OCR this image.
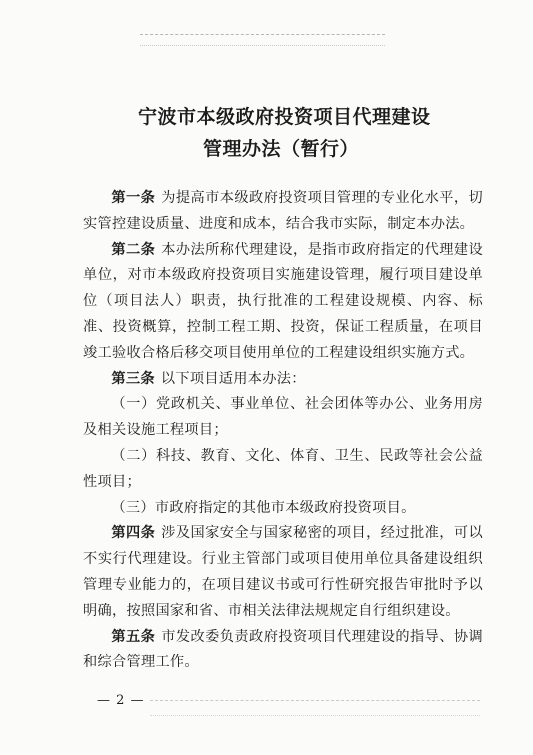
宁波市本级政府投资项目代理建设
管理办法（暂行）

第一条 为提高市本级政府投资项目管理的专业化水平，切实管控建设质量、进度和成本，结合我市实际，制定本办法。

第二条 本办法所称代理建设，是指市政府指定的代理建设单位，对市本级政府投资项目实施建设管理，履行项目建设单位（项目法人）职责，执行批准的工程建设规模、内容、标准、投资概算，控制工程工期、投资，保证工程质量，在项目竣工验收合格后移交项目使用单位的工程建设组织实施方式。

第三条 以下项目适用本办法：

（一）党政机关、事业单位、社会团体等办公、业务用房及相关设施工程项目；

（二）科技、教育、文化、体育、卫生、民政等社会公益性项目；

（三）市政府指定的其他市本级政府投资项目。

第四条 涉及国家安全与国家秘密的项目，经过批准，可以不实行代理建设。行业主管部门或项目使用单位具备建设组织管理专业能力的，在项目建议书或可行性研究报告审批时予以明确，按照国家和省、市相关法律法规规定自行组织建设。

第五条 市发改委负责政府投资项目代理建设的指导、协调和综合管理工作。

— 2 —
